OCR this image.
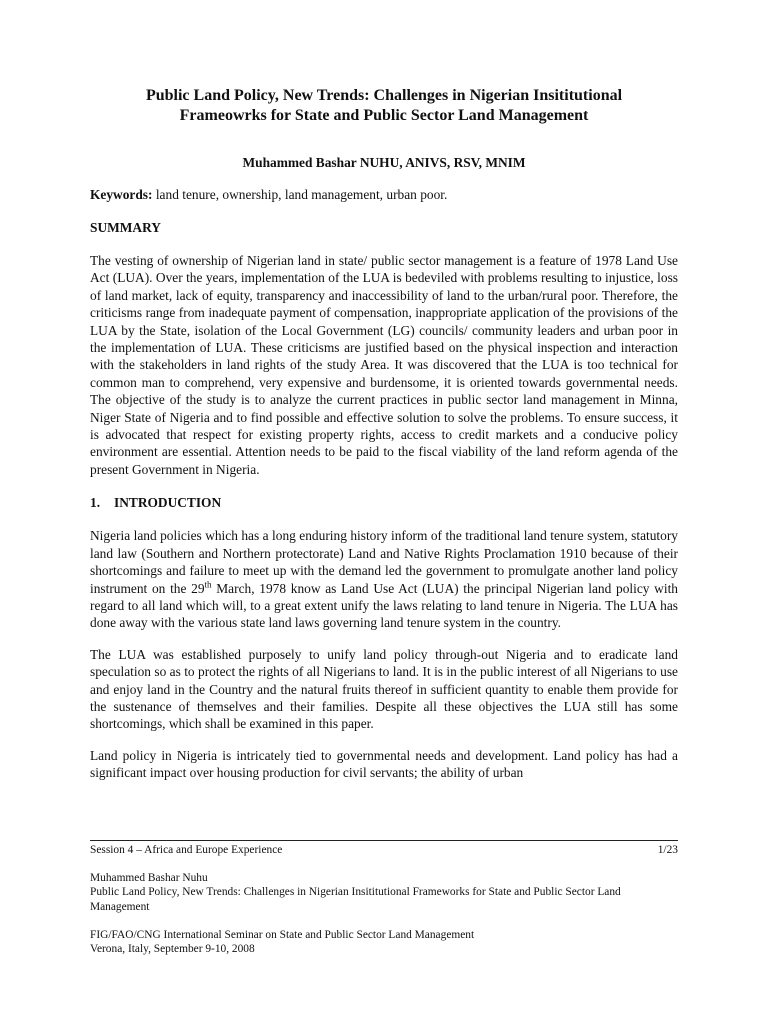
Public Land Policy, New Trends: Challenges in Nigerian Insititutional
Frameowrks for State and Public Sector Land Management
Muhammed Bashar NUHU, ANIVS, RSV, MNIM
Keywords: land tenure, ownership, land management, urban poor.
SUMMARY
The vesting of ownership of Nigerian land in state/ public sector management is a feature of 1978 Land Use Act (LUA). Over the years, implementation of the LUA is bedeviled with problems resulting to injustice, loss of land market, lack of equity, transparency and inaccessibility of land to the urban/rural poor. Therefore, the criticisms range from inadequate payment of compensation, inappropriate application of the provisions of the LUA by the State, isolation of the Local Government (LG) councils/ community leaders and urban poor in the implementation of LUA. These criticisms are justified based on the physical inspection and interaction with the stakeholders in land rights of the study Area. It was discovered that the LUA is too technical for common man to comprehend, very expensive and burdensome, it is oriented towards governmental needs. The objective of the study is to analyze the current practices in public sector land management in Minna, Niger State of Nigeria and to find possible and effective solution to solve the problems. To ensure success, it is advocated that respect for existing property rights, access to credit markets and a conducive policy environment are essential. Attention needs to be paid to the fiscal viability of the land reform agenda of the present Government in Nigeria.
1. INTRODUCTION
Nigeria land policies which has a long enduring history inform of the traditional land tenure system, statutory land law (Southern and Northern protectorate) Land and Native Rights Proclamation 1910 because of their shortcomings and failure to meet up with the demand led the government to promulgate another land policy instrument on the 29th March, 1978 know as Land Use Act (LUA) the principal Nigerian land policy with regard to all land which will, to a great extent unify the laws relating to land tenure in Nigeria. The LUA has done away with the various state land laws governing land tenure system in the country.
The LUA was established purposely to unify land policy through-out Nigeria and to eradicate land speculation so as to protect the rights of all Nigerians to land. It is in the public interest of all Nigerians to use and enjoy land in the Country and the natural fruits thereof in sufficient quantity to enable them provide for the sustenance of themselves and their families. Despite all these objectives the LUA still has some shortcomings, which shall be examined in this paper.
Land policy in Nigeria is intricately tied to governmental needs and development. Land policy has had a significant impact over housing production for civil servants; the ability of urban
Session 4 – Africa and Europe Experience	1/23
Muhammed Bashar Nuhu
Public Land Policy, New Trends: Challenges in Nigerian Insititutional Frameworks for State and Public Sector Land Management
FIG/FAO/CNG International Seminar on State and Public Sector Land Management
Verona, Italy, September 9-10, 2008
